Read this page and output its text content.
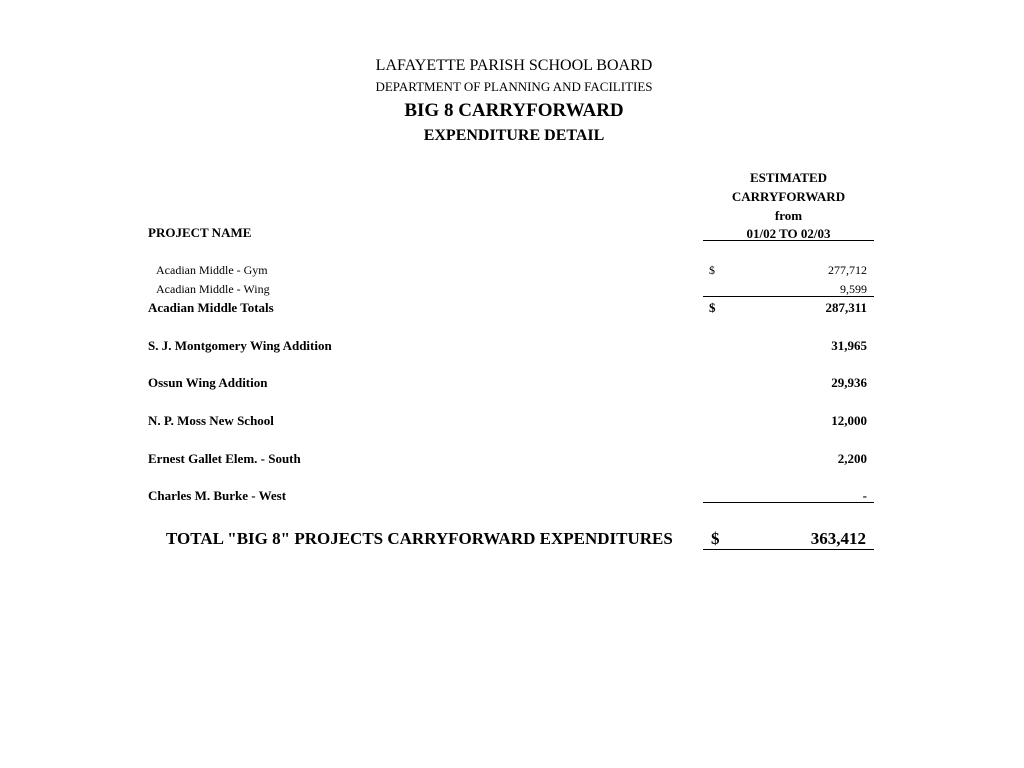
LAFAYETTE PARISH SCHOOL BOARD
DEPARTMENT OF PLANNING AND FACILITIES
BIG 8 CARRYFORWARD
EXPENDITURE DETAIL
ESTIMATED
CARRYFORWARD
from
01/02 TO 02/03
PROJECT NAME
Acadian Middle - Gym	$	277,712
Acadian Middle - Wing	9,599
Acadian Middle Totals	$	287,311
S. J. Montgomery Wing Addition	31,965
Ossun Wing Addition	29,936
N. P. Moss New School	12,000
Ernest Gallet Elem. - South	2,200
Charles M. Burke - West	-
TOTAL "BIG 8" PROJECTS CARRYFORWARD EXPENDITURES $	363,412
